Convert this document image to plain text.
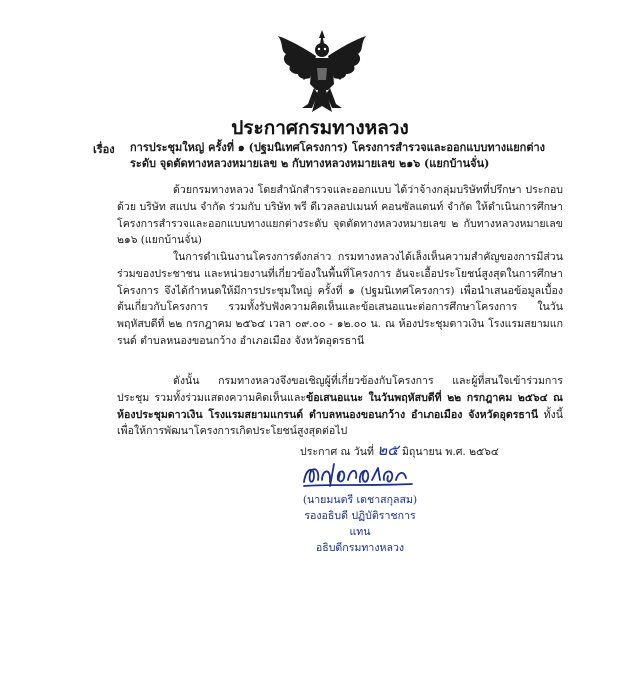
ประกาศกรมทางหลวง
เรื่อง การประชุมใหญ่ ครั้งที่ ๑ (ปฐมนิเทศโครงการ) โครงการสำรวจและออกแบบทางแยกต่างระดับ จุดตัดทางหลวงหมายเลข ๒ กับทางหลวงหมายเลข ๒๑๖ (แยกบ้านจั่น)
ด้วยกรมทางหลวง โดยสำนักสำรวจและออกแบบ ได้ว่าจ้างกลุ่มบริษัทที่ปรึกษา ประกอบด้วย บริษัท สแปน จำกัด ร่วมกับ บริษัท พรี ดีเวลลอปเมนท์ คอนซัลแตนท์ จำกัด ให้ดำเนินการศึกษาโครงการสำรวจและออกแบบทางแยกต่างระดับ จุดตัดทางหลวงหมายเลข ๒ กับทางหลวงหมายเลข ๒๑๖ (แยกบ้านจั่น)
ในการดำเนินงานโครงการดังกล่าว กรมทางหลวงได้เล็งเห็นความสำคัญของการมีส่วนร่วมของประชาชน และหน่วยงานที่เกี่ยวข้องในพื้นที่โครงการ อันจะเอื้อประโยชน์สูงสุดในการศึกษาโครงการ จึงได้กำหนดให้มีการประชุมใหญ่ ครั้งที่ ๑ (ปฐมนิเทศโครงการ) เพื่อนำเสนอข้อมูลเบื้องต้นเกี่ยวกับโครงการ รวมทั้งรับฟังความคิดเห็นและข้อเสนอแนะต่อการศึกษาโครงการ ในวันพฤหัสบดีที่ ๒๒ กรกฎาคม ๒๕๖๔ เวลา ๐๙.๐๐ - ๑๒.๐๐ น. ณ ห้องประชุมดาวเงิน โรงแรมสยามแกรนด์ ตำบลหนองขอนกว้าง อำเภอเมือง จังหวัดอุดรธานี
ดังนั้น กรมทางหลวงจึงขอเชิญผู้ที่เกี่ยวข้องกับโครงการ และผู้ที่สนใจเข้าร่วมการประชุม รวมทั้งร่วมแสดงความคิดเห็นและข้อเสนอแนะ ในวันพฤหัสบดีที่ ๒๒ กรกฎาคม ๒๕๖๔ ณ ห้องประชุมดาวเงิน โรงแรมสยามแกรนด์ ตำบลหนองขอนกว้าง อำเภอเมือง จังหวัดอุดรธานี ทั้งนี้ เพื่อให้การพัฒนาโครงการเกิดประโยชน์สูงสุดต่อไป
ประกาศ ณ วันที่ ๒๕ มิถุนายน พ.ศ. ๒๕๖๔
(นายมนตรี เดชาสกุลสม)
รองอธิบดี ปฏิบัติราชการแทน
อธิบดีกรมทางหลวง
